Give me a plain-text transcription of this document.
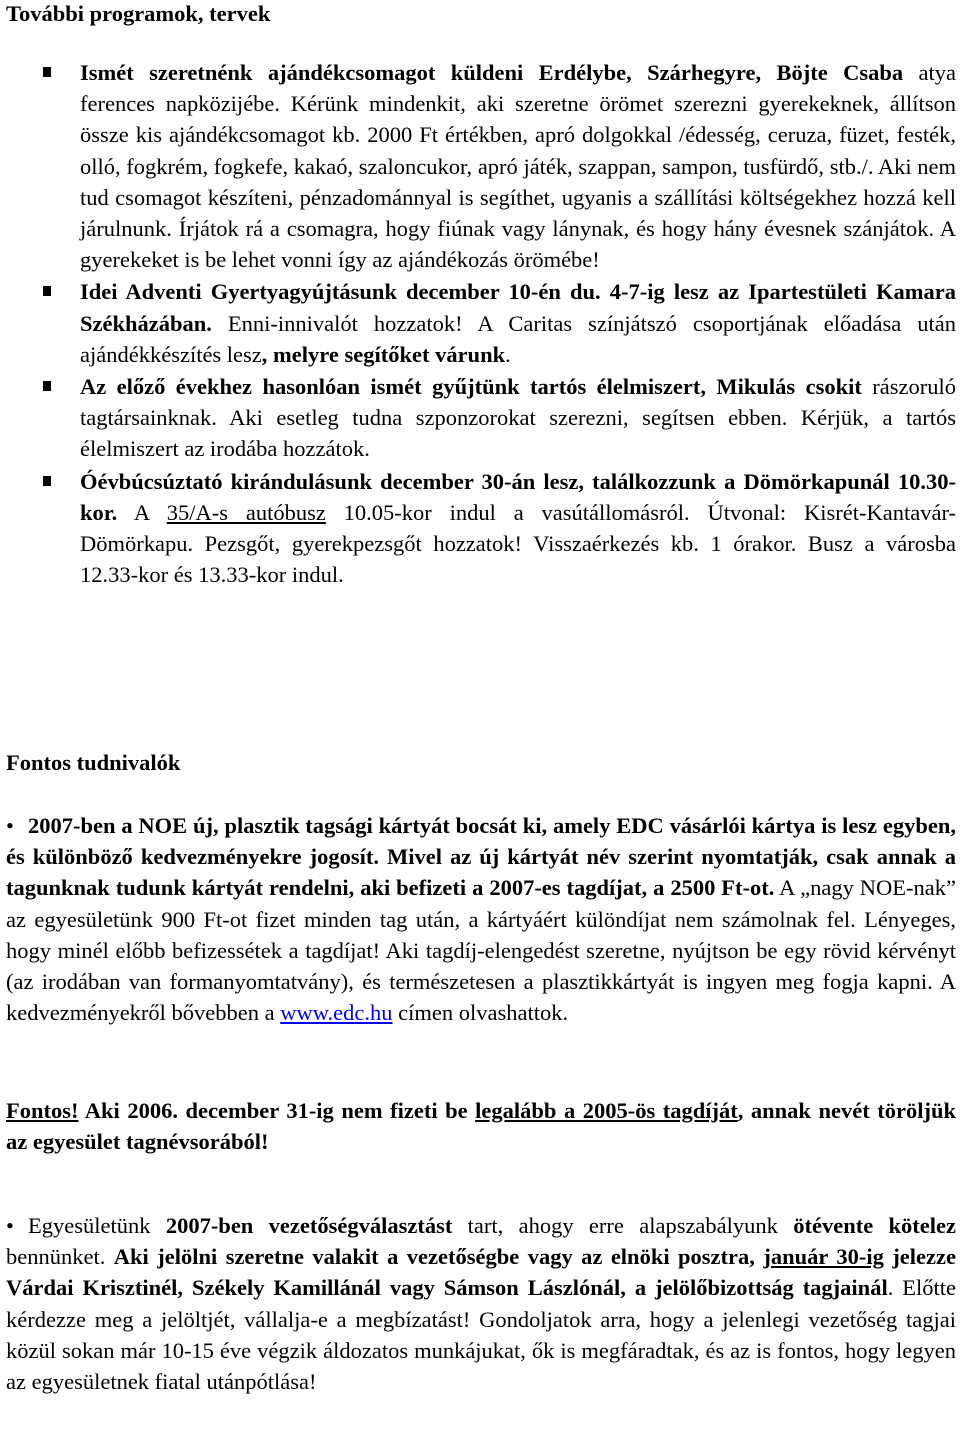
További programok, tervek
Ismét szeretnénk ajándékcsomagot küldeni Erdélybe, Szárhegyre, Böjte Csaba atya ferences napközijébe. Kérünk mindenkit, aki szeretne örömet szerezni gyerekeknek, állítson össze kis ajándékcsomagot kb. 2000 Ft értékben, apró dolgokkal /édesség, ceruza, füzet, festék, olló, fogkrém, fogkefe, kakaó, szaloncukor, apró játék, szappan, sampon, tusfürdő, stb./. Aki nem tud csomagot készíteni, pénzadománnyal is segíthet, ugyanis a szállítási költségekhez hozzá kell járulnunk. Írjátok rá a csomagra, hogy fiúnak vagy lánynak, és hogy hány évesnek szánjátok. A gyerekeket is be lehet vonni így az ajándékozás örömébe!
Idei Adventi Gyertyagyújtásunk december 10-én du. 4-7-ig lesz az Ipartestületi Kamara Székházában. Enni-innivalót hozzatok! A Caritas színjátszó csoportjának előadása után ajándékkészítés lesz, melyre segítőket várunk.
Az előző évekhez hasonlóan ismét gyűjtünk tartós élelmiszert, Mikulás csokit rászoruló tagtársainknak. Aki esetleg tudna szponzorokat szerezni, segítsen ebben. Kérjük, a tartós élelmiszert az irodába hozzátok.
Óévbúcsúztató kirándulásunk december 30-án lesz, találkozzunk a Dömörkapunál 10.30-kor. A 35/A-s autóbusz 10.05-kor indul a vasútállomásról. Útvonal: Kisrét-Kantavár-Dömörkapu. Pezsgőt, gyerekpezsgőt hozzatok! Visszaérkezés kb. 1 órakor. Busz a városba 12.33-kor és 13.33-kor indul.
Fontos tudnivalók

• 2007-ben a NOE új, plasztik tagsági kártyát bocsát ki, amely EDC vásárlói kártya is lesz egyben, és különböző kedvezményekre jogosít. Mivel az új kártyát név szerint nyomtatják, csak annak a tagunknak tudunk kártyát rendelni, aki befizeti a 2007-es tagdíjat, a 2500 Ft-ot. A „nagy NOE-nak” az egyesületünk 900 Ft-ot fizet minden tag után, a kártyáért különdíjat nem számolnak fel. Lényeges, hogy minél előbb befizessétek a tagdíjat! Aki tagdíj-elengedést szeretne, nyújtson be egy rövid kérvényt (az irodában van formanyomtatvány), és természetesen a plasztikkártyát is ingyen meg fogja kapni. A kedvezményekről bővebben a www.edc.hu címen olvashattok.

Fontos! Aki 2006. december 31-ig nem fizeti be legalább a 2005-ös tagdíját, annak nevét töröljük az egyesület tagnévsorából!

• Egyesületünk 2007-ben vezetőségválasztást tart, ahogy erre alapszabályunk ötévente kötelez bennünket. Aki jelölni szeretne valakit a vezetőségbe vagy az elnöki posztra, január 30-ig jelezze Várdai Krisztinél, Székely Kamillánál vagy Sámson Lászlónál, a jelölőbizottság tagjainál. Előtte kérdezze meg a jelöltjét, vállalja-e a megbízatást! Gondoljatok arra, hogy a jelenlegi vezetőség tagjai közül sokan már 10-15 éve végzik áldozatos munkájukat, ők is megfáradtak, és az is fontos, hogy legyen az egyesületnek fiatal utánpótlása!
